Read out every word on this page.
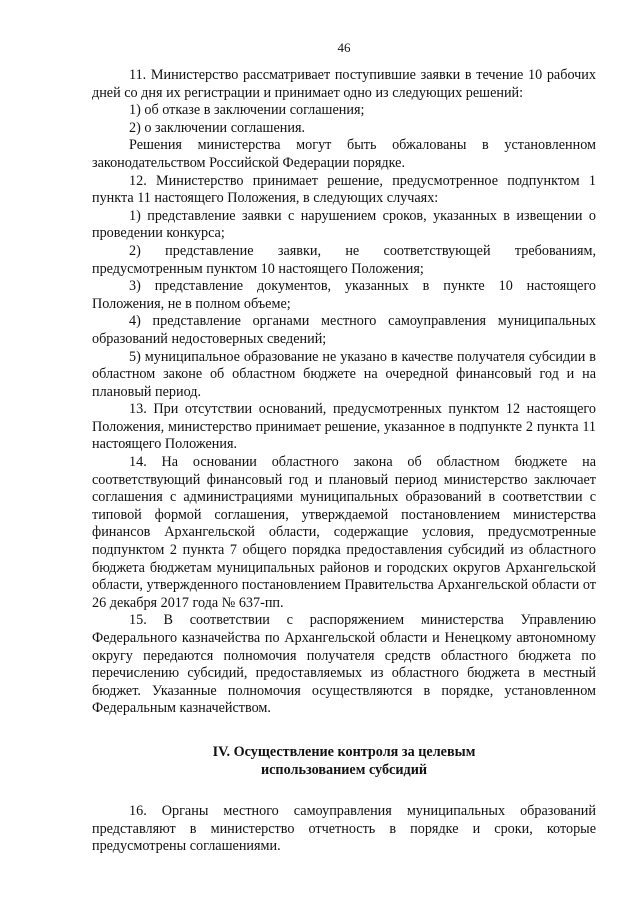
46

11. Министерство рассматривает поступившие заявки в течение 10 рабочих дней со дня их регистрации и принимает одно из следующих решений:

1) об отказе в заключении соглашения;

2) о заключении соглашения.

Решения министерства могут быть обжалованы в установленном законодательством Российской Федерации порядке.

12. Министерство принимает решение, предусмотренное подпунктом 1 пункта 11 настоящего Положения, в следующих случаях:

1) представление заявки с нарушением сроков, указанных в извещении о проведении конкурса;

2) представление заявки, не соответствующей требованиям, предусмотренным пунктом 10 настоящего Положения;

3) представление документов, указанных в пункте 10 настоящего Положения, не в полном объеме;

4) представление органами местного самоуправления муниципальных образований недостоверных сведений;

5) муниципальное образование не указано в качестве получателя субсидии в областном законе об областном бюджете на очередной финансовый год и на плановый период.

13. При отсутствии оснований, предусмотренных пунктом 12 настоящего Положения, министерство принимает решение, указанное в подпункте 2 пункта 11 настоящего Положения.

14. На основании областного закона об областном бюджете на соответствующий финансовый год и плановый период министерство заключает соглашения с администрациями муниципальных образований в соответствии с типовой формой соглашения, утверждаемой постановлением министерства финансов Архангельской области, содержащие условия, предусмотренные подпунктом 2 пункта 7 общего порядка предоставления субсидий из областного бюджета бюджетам муниципальных районов и городских округов Архангельской области, утвержденного постановлением Правительства Архангельской области от 26 декабря 2017 года № 637-пп.

15. В соответствии с распоряжением министерства Управлению Федерального казначейства по Архангельской области и Ненецкому автономному округу передаются полномочия получателя средств областного бюджета по перечислению субсидий, предоставляемых из областного бюджета в местный бюджет. Указанные полномочия осуществляются в порядке, установленном Федеральным казначейством.

IV. Осуществление контроля за целевым
использованием субсидий

16. Органы местного самоуправления муниципальных образований представляют в министерство отчетность в порядке и сроки, которые предусмотрены соглашениями.
